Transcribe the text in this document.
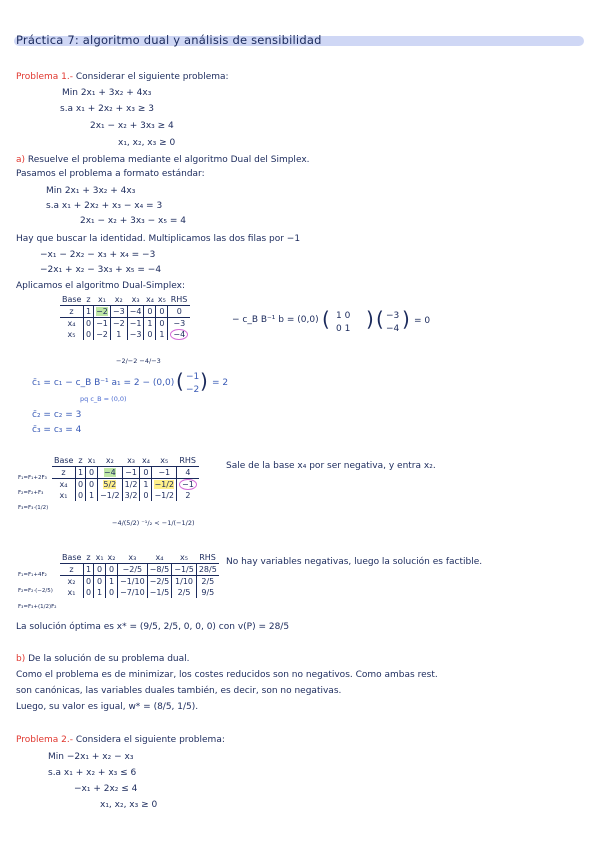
Práctica 7: algoritmo dual y análisis de sensibilidad
Problema 1.- Considerar el siguiente problema:
Min 2x₁ + 3x₂ + 4x₃
s.a x₁ + 2x₂ + x₃ ≥ 3
2x₁ − x₂ + 3x₃ ≥ 4
x₁, x₂, x₃ ≥ 0
a) Resuelve el problema mediante el algoritmo Dual del Simplex.
Pasamos el problema a formato estándar:
Min 2x₁ + 3x₂ + 4x₃
s.a x₁ + 2x₂ + x₃ − x₄ = 3
2x₁ − x₂ + 3x₃ − x₅ = 4
Hay que buscar la identidad. Multiplicamos las dos filas por −1
−x₁ − 2x₂ − x₃ + x₄ = −3
−2x₁ + x₂ − 3x₃ + x₅ = −4
Aplicamos el algoritmo Dual-Simplex:
Base	z	x₁	x₂	x₃	x₄	x₅	RHS
z	1	−2	−3	−4	0	0	0
x₄	0	−1	−2	−1	1	0	−3
x₅	0	−2	1	−3	0	1	−4
−2/−2 −4/−3
− c_B B⁻¹ b = (0,0) ( 1 0
0 1 ) ( −3
−4 ) = 0
c̄₁ = c₁ − c_B B⁻¹ a₁ = 2 − (0,0) ( −1
−2 ) = 2
pq c_B = (0,0)
c̄₂ = c₂ = 3
c̄₃ = c₃ = 4
F₁=F₁+2F₃
F₂=F₂+F₃
F₃=F₃·(1/2)
Base	z	x₁	x₂	x₃	x₄	x₅	RHS
z	1	0	−4	−1	0	−1	4
x₄	0	0	5/2	1/2	1	−1/2	−1
x₁	0	1	−1/2	3/2	0	−1/2	2
−4/(5/2) ⁻¹/₂ < −1/(−1/2)
Sale de la base x₄ por ser negativa, y entra x₂.
F₁=F₁+4F₂
F₂=F₂·(−2/5)
F₃=F₃+(1/2)F₂
Base	z	x₁	x₂	x₃	x₄	x₅	RHS
z	1	0	0	−2/5	−8/5	−1/5	28/5
x₂	0	0	1	−1/10	−2/5	1/10	2/5
x₁	0	1	0	−7/10	−1/5	2/5	9/5
No hay variables negativas, luego la solución es factible.
La solución óptima es x* = (9/5, 2/5, 0, 0, 0) con v(P) = 28/5
b) De la solución de su problema dual.
Como el problema es de minimizar, los costes reducidos son no negativos. Como ambas rest.
son canónicas, las variables duales también, es decir, son no negativas.
Luego, su valor es igual, w* = (8/5, 1/5).
Problema 2.- Considera el siguiente problema:
Min −2x₁ + x₂ − x₃
s.a x₁ + x₂ + x₃ ≤ 6
−x₁ + 2x₂ ≤ 4
x₁, x₂, x₃ ≥ 0
